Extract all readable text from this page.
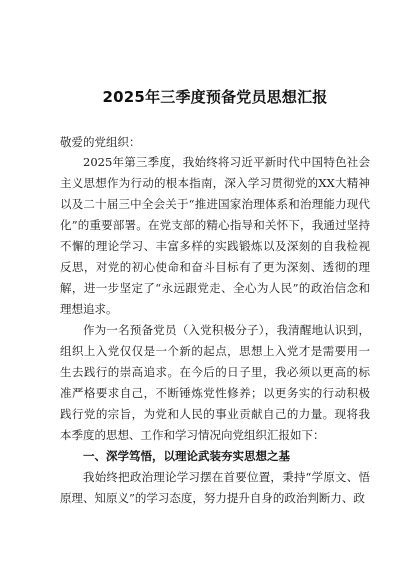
2025年三季度预备党员思想汇报
敬爱的党组织：

2025年第三季度，我始终将习近平新时代中国特色社会主义思想作为行动的根本指南，深入学习贯彻党的XX大精神以及二十届三中全会关于“推进国家治理体系和治理能力现代化”的重要部署。在党支部的精心指导和关怀下，我通过坚持不懈的理论学习、丰富多样的实践锻炼以及深刻的自我检视反思，对党的初心使命和奋斗目标有了更为深刻、透彻的理解，进一步坚定了“永远跟党走、全心为人民”的政治信念和理想追求。

作为一名预备党员（入党积极分子），我清醒地认识到，组织上入党仅仅是一个新的起点，思想上入党才是需要用一生去践行的崇高追求。在今后的日子里，我必须以更高的标准严格要求自己，不断锤炼党性修养；以更务实的行动积极践行党的宗旨，为党和人民的事业贡献自己的力量。现将我本季度的思想、工作和学习情况向党组织汇报如下：

一、深学笃悟，以理论武装夯实思想之基

我始终把政治理论学习摆在首要位置，秉持“学原文、悟原理、知原义”的学习态度，努力提升自身的政治判断力、政
